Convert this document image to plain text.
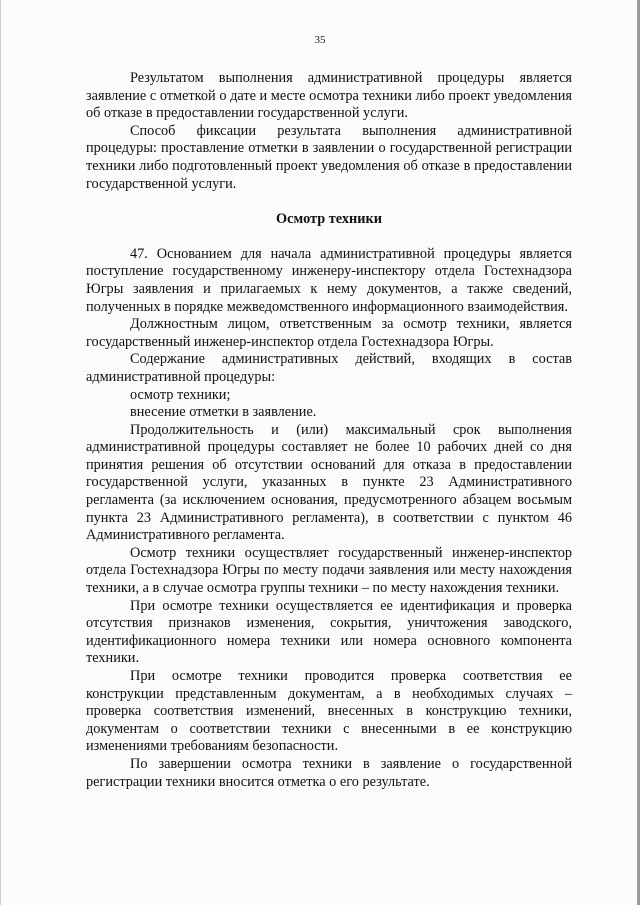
35

Результатом выполнения административной процедуры является заявление с отметкой о дате и месте осмотра техники либо проект уведомления об отказе в предоставлении государственной услуги.

Способ фиксации результата выполнения административной процедуры: проставление отметки в заявлении о государственной регистрации техники либо подготовленный проект уведомления об отказе в предоставлении государственной услуги.

Осмотр техники

47. Основанием для начала административной процедуры является поступление государственному инженеру-инспектору отдела Гостехнадзора Югры заявления и прилагаемых к нему документов, а также сведений, полученных в порядке межведомственного информационного взаимодействия.

Должностным лицом, ответственным за осмотр техники, является государственный инженер-инспектор отдела Гостехнадзора Югры.

Содержание административных действий, входящих в состав административной процедуры:

осмотр техники;

внесение отметки в заявление.

Продолжительность и (или) максимальный срок выполнения административной процедуры составляет не более 10 рабочих дней со дня принятия решения об отсутствии оснований для отказа в предоставлении государственной услуги, указанных в пункте 23 Административного регламента (за исключением основания, предусмотренного абзацем восьмым пункта 23 Административного регламента), в соответствии с пунктом 46 Административного регламента.

Осмотр техники осуществляет государственный инженер-инспектор отдела Гостехнадзора Югры по месту подачи заявления или месту нахождения техники, а в случае осмотра группы техники – по месту нахождения техники.

При осмотре техники осуществляется ее идентификация и проверка отсутствия признаков изменения, сокрытия, уничтожения заводского, идентификационного номера техники или номера основного компонента техники.

При осмотре техники проводится проверка соответствия ее конструкции представленным документам, а в необходимых случаях – проверка соответствия изменений, внесенных в конструкцию техники, документам о соответствии техники с внесенными в ее конструкцию изменениями требованиям безопасности.

По завершении осмотра техники в заявление о государственной регистрации техники вносится отметка о его результате.
